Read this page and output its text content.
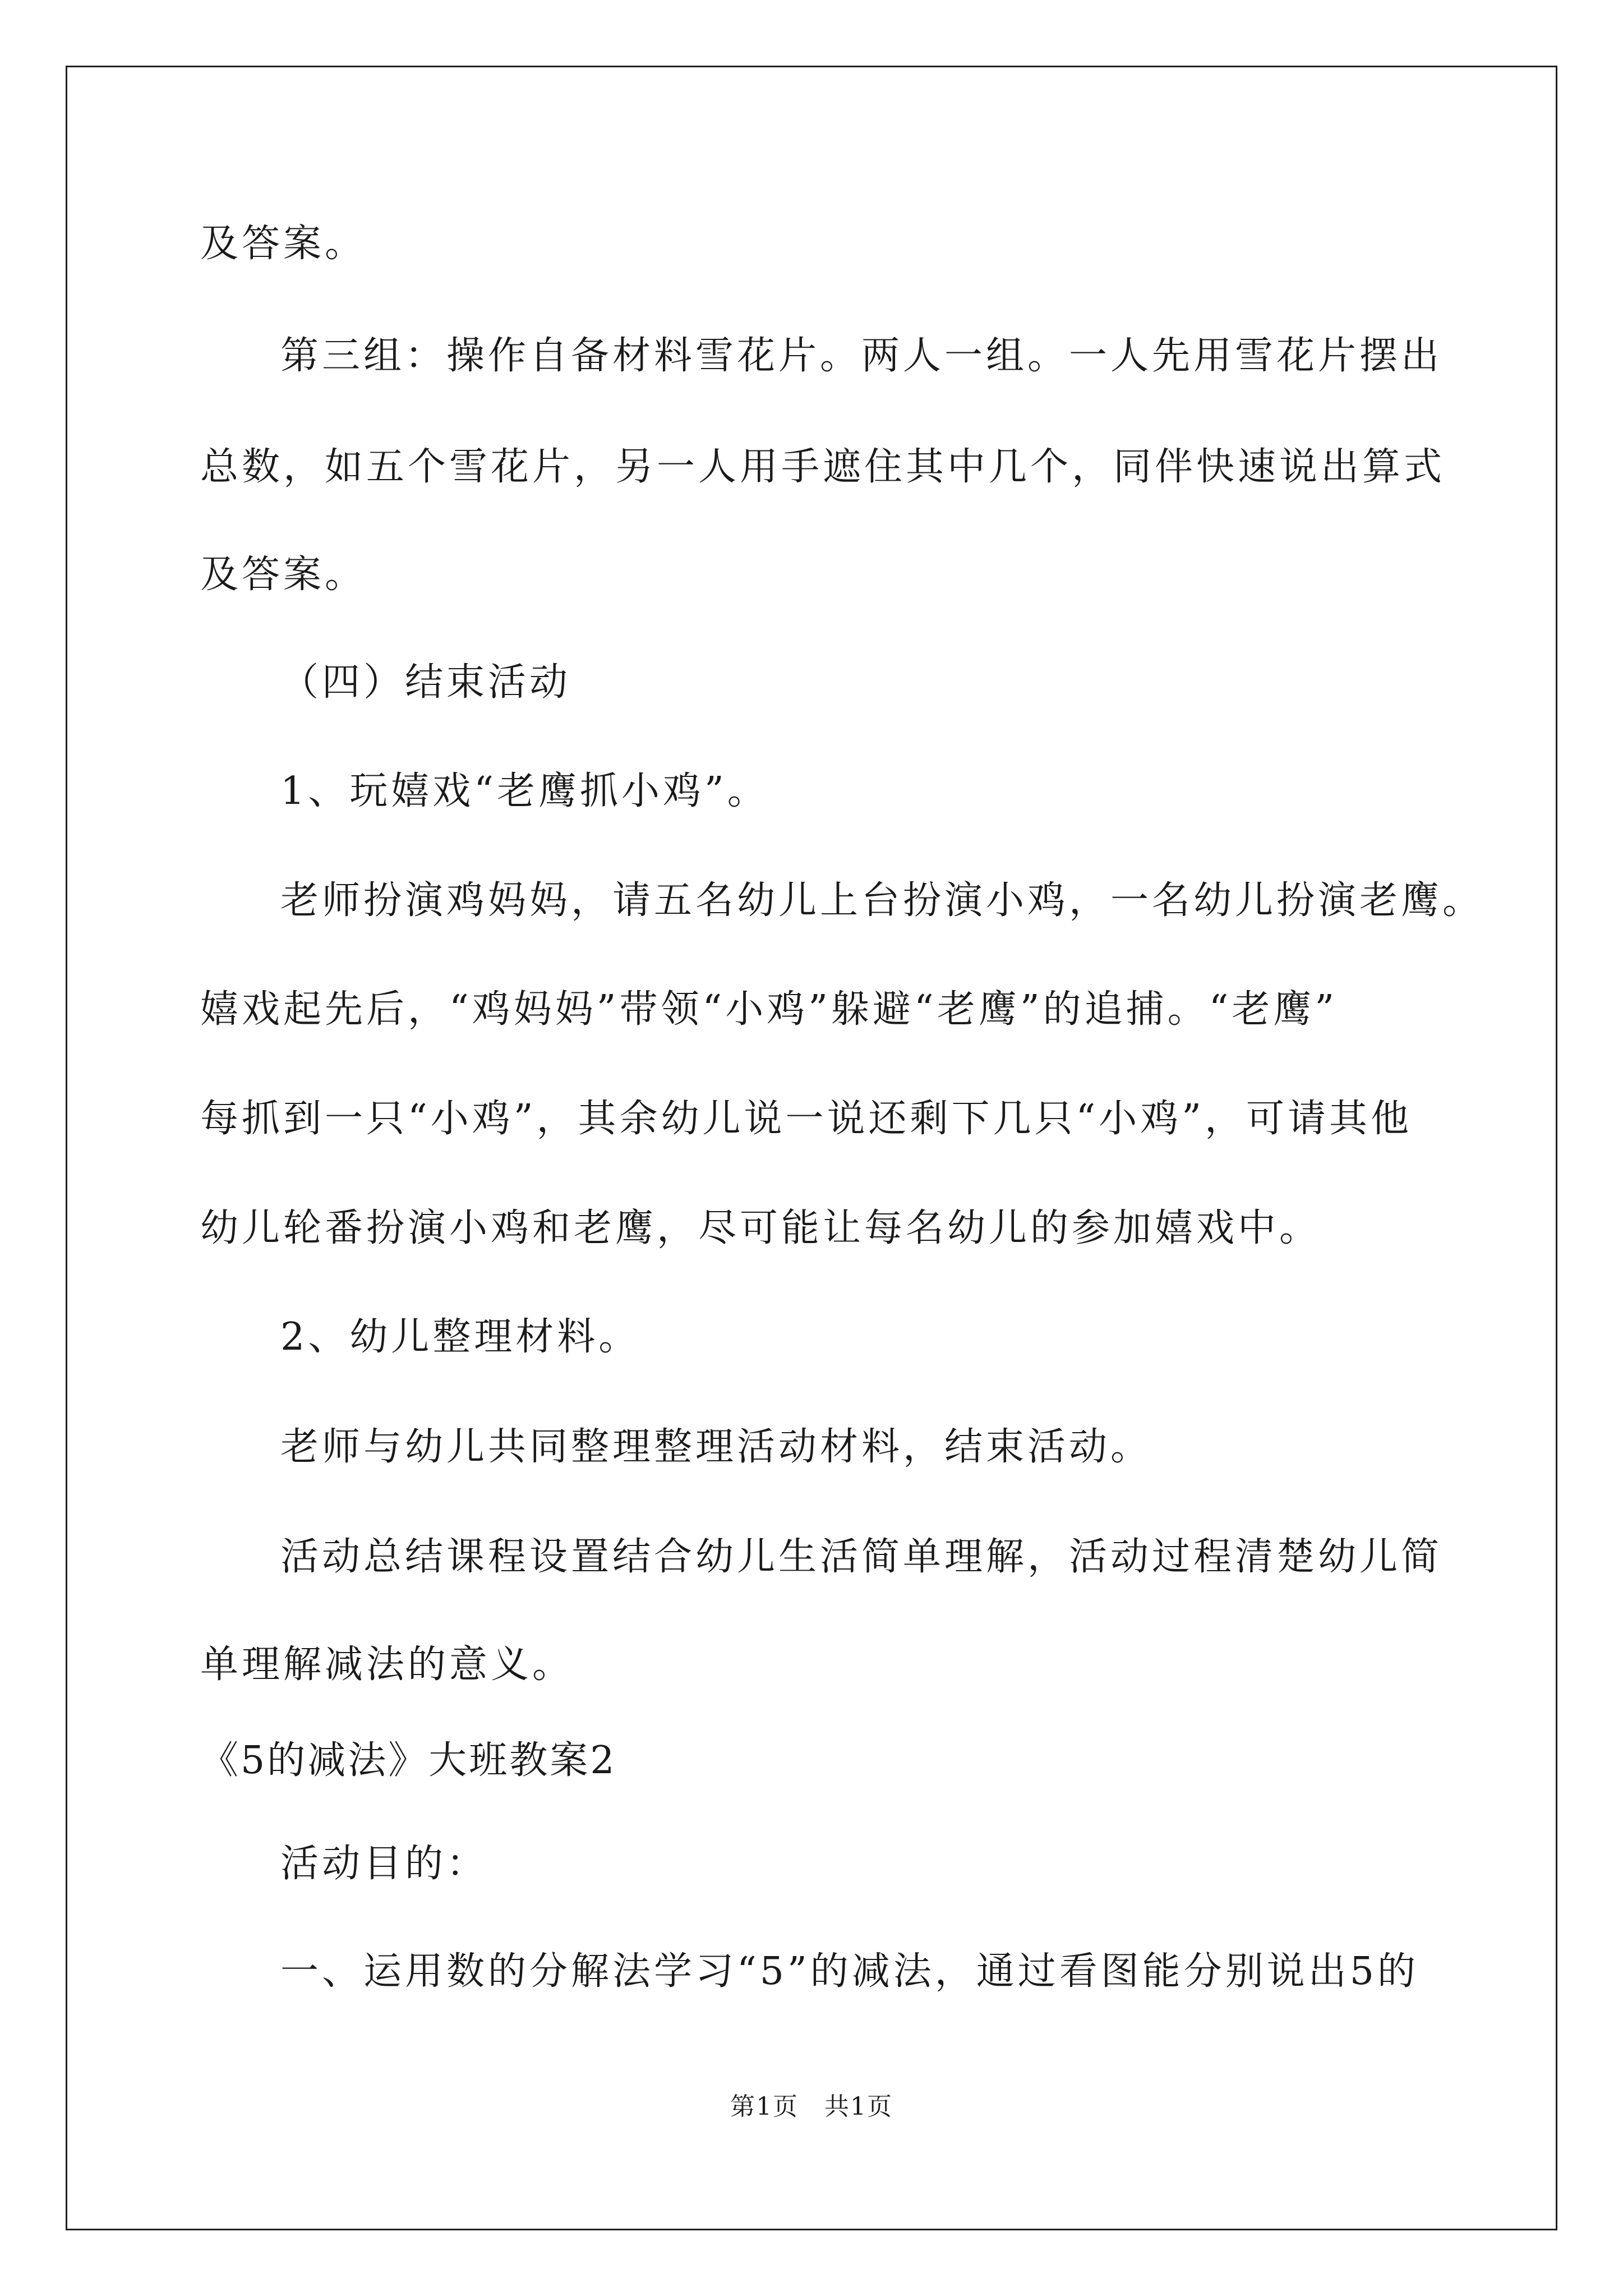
及答案。
第三组：操作自备材料雪花片。两人一组。一人先用雪花片摆出
总数，如五个雪花片，另一人用手遮住其中几个，同伴快速说出算式
及答案。
（四）结束活动
1、玩嬉戏“老鹰抓小鸡”。
老师扮演鸡妈妈，请五名幼儿上台扮演小鸡，一名幼儿扮演老鹰。
嬉戏起先后，“鸡妈妈”带领“小鸡”躲避“老鹰”的追捕。“老鹰”
每抓到一只“小鸡”，其余幼儿说一说还剩下几只“小鸡”，可请其他
幼儿轮番扮演小鸡和老鹰，尽可能让每名幼儿的参加嬉戏中。
2、幼儿整理材料。
老师与幼儿共同整理整理活动材料，结束活动。
活动总结课程设置结合幼儿生活简单理解，活动过程清楚幼儿简
单理解减法的意义。
《5的减法》大班教案2
活动目的：
一、运用数的分解法学习“5”的减法，通过看图能分别说出5的
第1页　共1页
